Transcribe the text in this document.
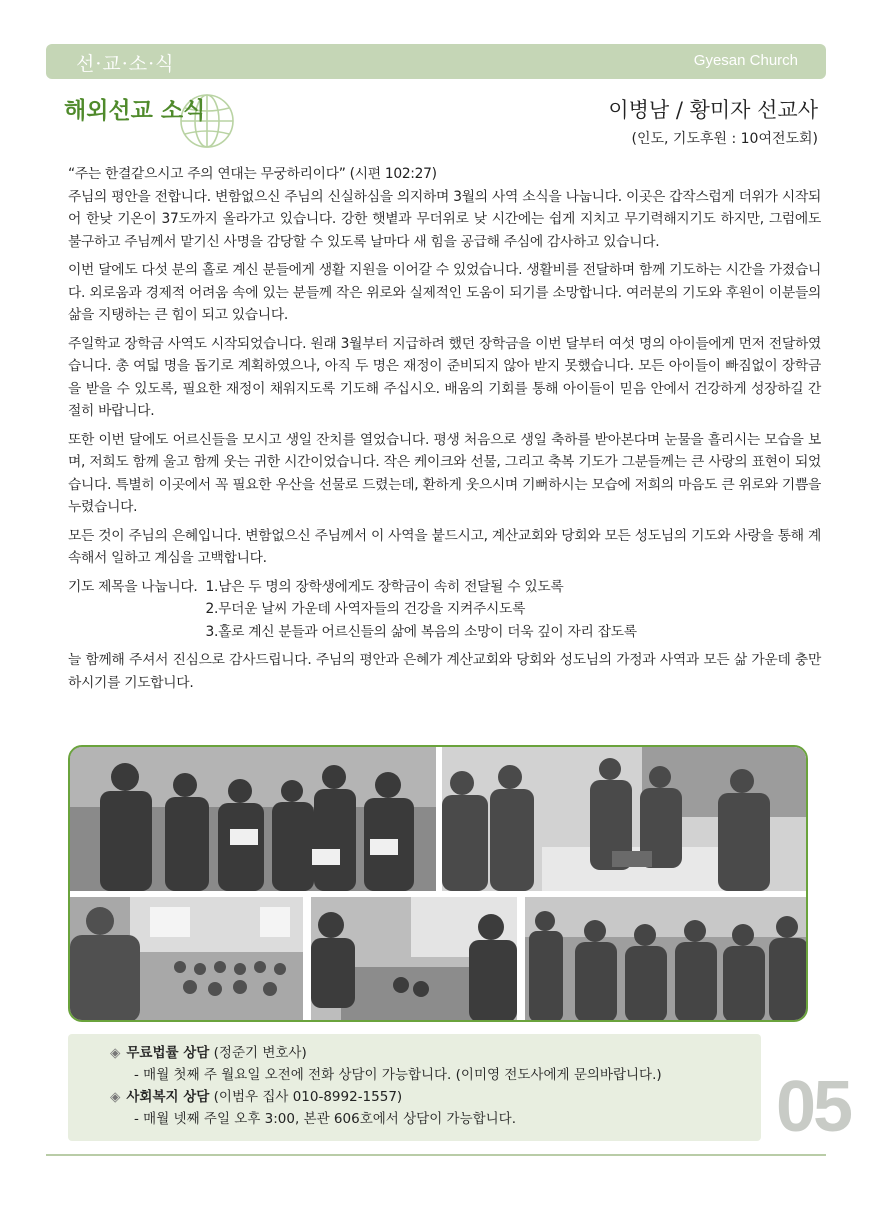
선·교·소·식	Gyesan Church
해외선교 소식	이병남 / 황미자 선교사
(인도, 기도후원 : 10여전도회)

“주는 한결같으시고 주의 연대는 무궁하리이다” (시편 102:27)

주님의 평안을 전합니다. 변함없으신 주님의 신실하심을 의지하며 3월의 사역 소식을 나눕니다. 이곳은 갑작스럽게 더위가 시작되어 한낮 기온이 37도까지 올라가고 있습니다. 강한 햇볕과 무더위로 낮 시간에는 쉽게 지치고 무기력해지기도 하지만, 그럼에도 불구하고 주님께서 맡기신 사명을 감당할 수 있도록 날마다 새 힘을 공급해 주심에 감사하고 있습니다.

이번 달에도 다섯 분의 홀로 계신 분들에게 생활 지원을 이어갈 수 있었습니다. 생활비를 전달하며 함께 기도하는 시간을 가졌습니다. 외로움과 경제적 어려움 속에 있는 분들께 작은 위로와 실제적인 도움이 되기를 소망합니다. 여러분의 기도와 후원이 이분들의 삶을 지탱하는 큰 힘이 되고 있습니다.

주일학교 장학금 사역도 시작되었습니다. 원래 3월부터 지급하려 했던 장학금을 이번 달부터 여섯 명의 아이들에게 먼저 전달하였습니다. 총 여덟 명을 돕기로 계획하였으나, 아직 두 명은 재정이 준비되지 않아 받지 못했습니다. 모든 아이들이 빠짐없이 장학금을 받을 수 있도록, 필요한 재정이 채워지도록 기도해 주십시오. 배움의 기회를 통해 아이들이 믿음 안에서 건강하게 성장하길 간절히 바랍니다.

또한 이번 달에도 어르신들을 모시고 생일 잔치를 열었습니다. 평생 처음으로 생일 축하를 받아본다며 눈물을 흘리시는 모습을 보며, 저희도 함께 울고 함께 웃는 귀한 시간이었습니다. 작은 케이크와 선물, 그리고 축복 기도가 그분들께는 큰 사랑의 표현이 되었습니다. 특별히 이곳에서 꼭 필요한 우산을 선물로 드렸는데, 환하게 웃으시며 기뻐하시는 모습에 저희의 마음도 큰 위로와 기쁨을 누렸습니다.

모든 것이 주님의 은혜입니다. 변함없으신 주님께서 이 사역을 붙드시고, 계산교회와 당회와 모든 성도님의 기도와 사랑을 통해 계속해서 일하고 계심을 고백합니다.

기도 제목을 나눕니다. 1.남은 두 명의 장학생에게도 장학금이 속히 전달될 수 있도록
2.무더운 날씨 가운데 사역자들의 건강을 지켜주시도록
3.홀로 계신 분들과 어르신들의 삶에 복음의 소망이 더욱 깊이 자리 잡도록

늘 함께해 주셔서 진심으로 감사드립니다. 주님의 평안과 은혜가 계산교회와 당회와 성도님의 가정과 사역과 모든 삶 가운데 충만하시기를 기도합니다.

◈ 무료법률 상담 (정준기 변호사)
- 매월 첫째 주 월요일 오전에 전화 상담이 가능합니다. (이미영 전도사에게 문의바랍니다.)
◈ 사회복지 상담 (이범우 집사 010-8992-1557)
- 매월 넷째 주일 오후 3:00, 본관 606호에서 상담이 가능합니다.	05
